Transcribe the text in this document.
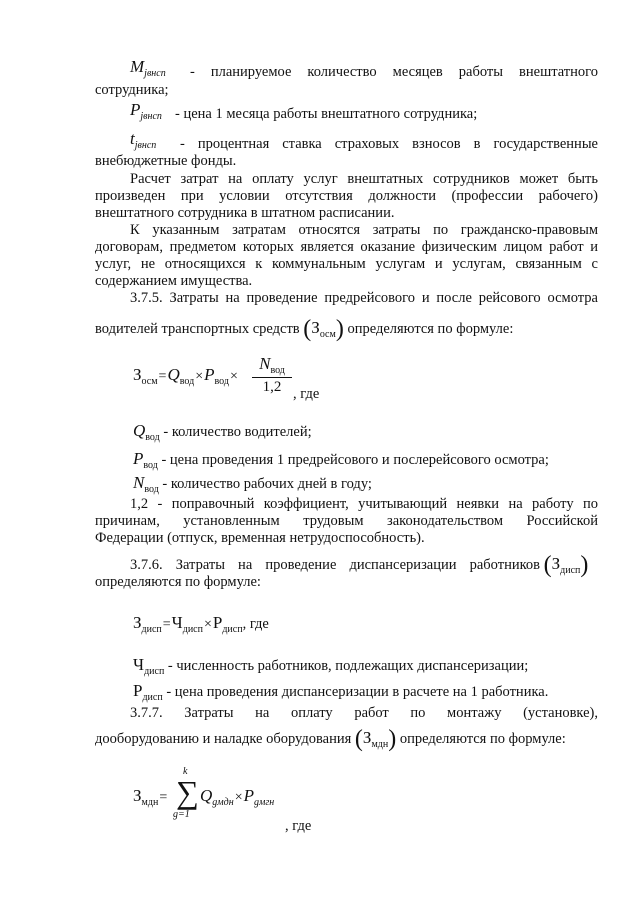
$M_{jвнсп}$ - планируемое количество месяцев работы внештатного
сотрудника;
$P_{jвнсп}$ - цена 1 месяца работы внештатного сотрудника;
$t_{jвнсп}$ - процентная ставка страховых взносов в государственные
внебюджетные фонды.
Расчет затрат на оплату услуг внештатных сотрудников может быть
произведен при условии отсутствия должности (профессии рабочего)
внештатного сотрудника в штатном расписании.
К указанным затратам относятся затраты по гражданско-правовым
договорам, предметом которых является оказание физическим лицом работ и
услуг, не относящихся к коммунальным услугам и услугам, связанным с
содержанием имущества.
3.7.5. Затраты на проведение предрейсового и после рейсового осмотра
водителей транспортных средств $(З_{осм})$ определяются по формуле:
$З_{осм}=Q_{вод}\times P_{вод}\times$
$N_{вод}$
1,2 , где
$Q_{вод}$ - количество водителей;
$P_{вод}$ - цена проведения 1 предрейсового и послерейсового осмотра;
$N_{вод}$ - количество рабочих дней в году;
1,2 - поправочный коэффициент, учитывающий неявки на работу по
причинам, установленным трудовым законодательством Российской
Федерации (отпуск, временная нетрудоспособность).
3.7.6. Затраты на проведение диспансеризации работников $(З_{дисп})$
определяются по формуле:
$З_{дисп}=Ч_{дисп}\times Р_{дисп}$, где
$Ч_{дисп}$ - численность работников, подлежащих диспансеризации;
$Р_{дисп}$ - цена проведения диспансеризации в расчете на 1 работника.
3.7.7. Затраты на оплату работ по монтажу (установке),
дооборудованию и наладке оборудования $(З_{мдн})$ определяются по формуле:
$З_{мдн}=$
k
∑
g=1
$Q_{gмдн}\times P_{gмгн}$
, где
